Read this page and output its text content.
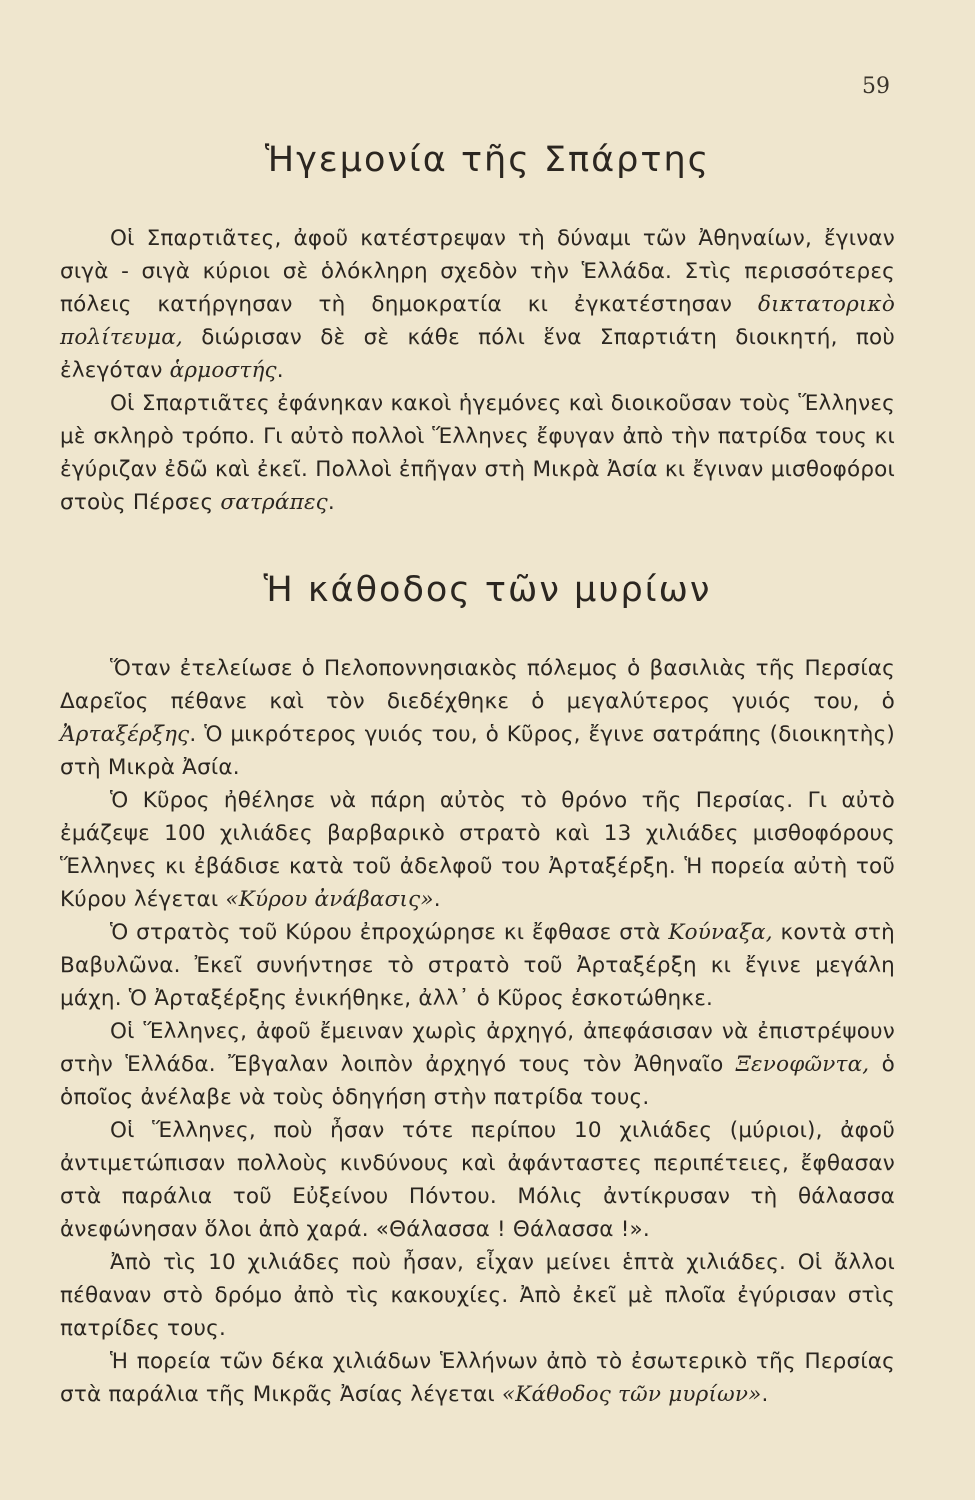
59
Ἡγεμονία τῆς Σπάρτης

Οἱ Σπαρτιᾶτες, ἀφοῦ κατέστρεψαν τὴ δύναμι τῶν Ἀθηναίων, ἔγιναν σιγὰ - σιγὰ κύριοι σὲ ὁλόκληρη σχεδὸν τὴν Ἑλλάδα. Στὶς περισσότερες πόλεις κατήργησαν τὴ δημοκρατία κι ἐγκατέστησαν δικτατορικὸ πολίτευμα, διώρισαν δὲ σὲ κάθε πόλι ἕνα Σπαρτιάτη διοικητή, ποὺ ἐλεγόταν ἁρμοστής.

Οἱ Σπαρτιᾶτες ἐφάνηκαν κακοὶ ἡγεμόνες καὶ διοικοῦσαν τοὺς Ἕλληνες μὲ σκληρὸ τρόπο. Γι αὐτὸ πολλοὶ Ἕλληνες ἔφυγαν ἀπὸ τὴν πατρίδα τους κι ἐγύριζαν ἐδῶ καὶ ἐκεῖ. Πολλοὶ ἐπῆγαν στὴ Μικρὰ Ἀσία κι ἔγιναν μισθοφόροι στοὺς Πέρσες σατράπες.

Ἡ κάθοδος τῶν μυρίων

Ὅταν ἐτελείωσε ὁ Πελοποννησιακὸς πόλεμος ὁ βασιλιὰς τῆς Περσίας Δαρεῖος πέθανε καὶ τὸν διεδέχθηκε ὁ μεγαλύτερος γυιός του, ὁ Ἀρταξέρξης. Ὁ μικρότερος γυιός του, ὁ Κῦρος, ἔγινε σατράπης (διοικητὴς) στὴ Μικρὰ Ἀσία.

Ὁ Κῦρος ἠθέλησε νὰ πάρη αὐτὸς τὸ θρόνο τῆς Περσίας. Γι αὐτὸ ἐμάζεψε 100 χιλιάδες βαρβαρικὸ στρατὸ καὶ 13 χιλιάδες μισθοφόρους Ἕλληνες κι ἐβάδισε κατὰ τοῦ ἀδελφοῦ του Ἀρταξέρξη. Ἡ πορεία αὐτὴ τοῦ Κύρου λέγεται «Κύρου ἀνάβασις».

Ὁ στρατὸς τοῦ Κύρου ἐπροχώρησε κι ἔφθασε στὰ Κούναξα, κοντὰ στὴ Βαβυλῶνα. Ἐκεῖ συνήντησε τὸ στρατὸ τοῦ Ἀρταξέρξη κι ἔγινε μεγάλη μάχη. Ὁ Ἀρταξέρξης ἐνικήθηκε, ἀλλ᾽ ὁ Κῦρος ἐσκοτώθηκε.

Οἱ Ἕλληνες, ἀφοῦ ἔμειναν χωρὶς ἀρχηγό, ἀπεφάσισαν νὰ ἐπιστρέψουν στὴν Ἑλλάδα. Ἔβγαλαν λοιπὸν ἀρχηγό τους τὸν Ἀθηναῖο Ξενοφῶντα, ὁ ὁποῖος ἀνέλαβε νὰ τοὺς ὁδηγήση στὴν πατρίδα τους.

Οἱ Ἕλληνες, ποὺ ἦσαν τότε περίπου 10 χιλιάδες (μύριοι), ἀφοῦ ἀντιμετώπισαν πολλοὺς κινδύνους καὶ ἀφάνταστες περιπέτειες, ἔφθασαν στὰ παράλια τοῦ Εὐξείνου Πόντου. Μόλις ἀντίκρυσαν τὴ θάλασσα ἀνεφώνησαν ὅλοι ἀπὸ χαρά. «Θάλασσα ! Θάλασσα !».

Ἀπὸ τὶς 10 χιλιάδες ποὺ ἦσαν, εἶχαν μείνει ἑπτὰ χιλιάδες. Οἱ ἄλλοι πέθαναν στὸ δρόμο ἀπὸ τὶς κακουχίες. Ἀπὸ ἐκεῖ μὲ πλοῖα ἐγύρισαν στὶς πατρίδες τους.

Ἡ πορεία τῶν δέκα χιλιάδων Ἑλλήνων ἀπὸ τὸ ἐσωτερικὸ τῆς Περσίας στὰ παράλια τῆς Μικρᾶς Ἀσίας λέγεται «Κάθοδος τῶν μυρίων».
